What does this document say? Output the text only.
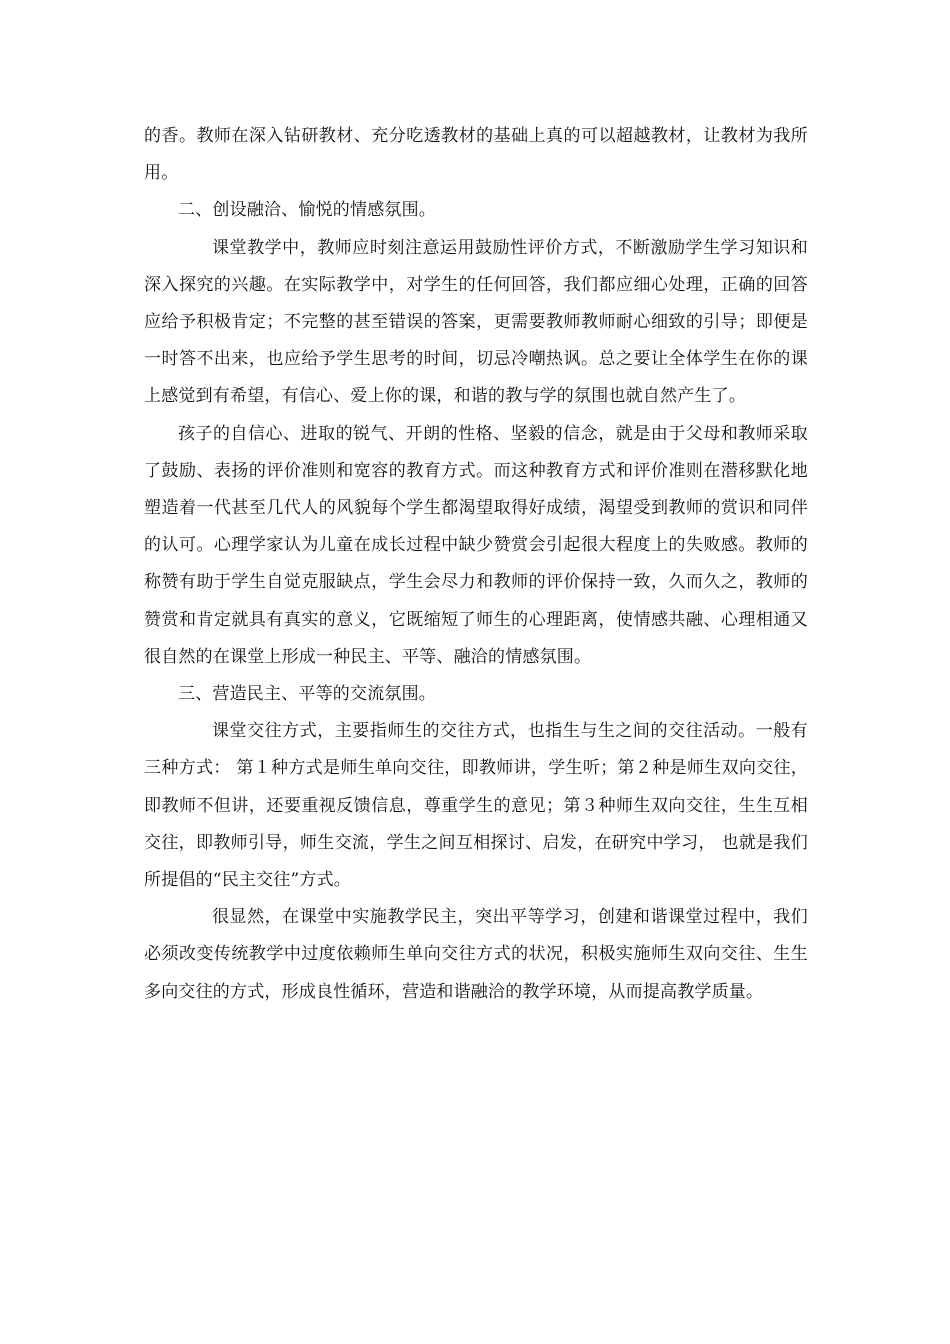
的香。教师在深入钻研教材、充分吃透教材的基础上真的可以超越教材，让教材为我所用。

二、创设融洽、愉悦的情感氛围。

课堂教学中，教师应时刻注意运用鼓励性评价方式，不断激励学生学习知识和深入探究的兴趣。在实际教学中，对学生的任何回答，我们都应细心处理，正确的回答应给予积极肯定；不完整的甚至错误的答案，更需要教师教师耐心细致的引导；即便是一时答不出来，也应给予学生思考的时间，切忌冷嘲热讽。总之要让全体学生在你的课上感觉到有希望，有信心、爱上你的课，和谐的教与学的氛围也就自然产生了。

孩子的自信心、进取的锐气、开朗的性格、坚毅的信念，就是由于父母和教师采取了鼓励、表扬的评价准则和宽容的教育方式。而这种教育方式和评价准则在潜移默化地塑造着一代甚至几代人的风貌每个学生都渴望取得好成绩，渴望受到教师的赏识和同伴的认可。心理学家认为儿童在成长过程中缺少赞赏会引起很大程度上的失败感。教师的称赞有助于学生自觉克服缺点，学生会尽力和教师的评价保持一致，久而久之，教师的赞赏和肯定就具有真实的意义，它既缩短了师生的心理距离，使情感共融、心理相通又很自然的在课堂上形成一种民主、平等、融洽的情感氛围。

三、营造民主、平等的交流氛围。

课堂交往方式，主要指师生的交往方式，也指生与生之间的交往活动。一般有三种方式： 第１种方式是师生单向交往，即教师讲，学生听；第２种是师生双向交往，即教师不但讲，还要重视反馈信息，尊重学生的意见；第３种师生双向交往，生生互相交往，即教师引导，师生交流，学生之间互相探讨、启发，在研究中学习， 也就是我们所提倡的“民主交往”方式。

很显然，在课堂中实施教学民主，突出平等学习，创建和谐课堂过程中，我们必须改变传统教学中过度依赖师生单向交往方式的状况，积极实施师生双向交往、生生多向交往的方式，形成良性循环，营造和谐融洽的教学环境，从而提高教学质量。
